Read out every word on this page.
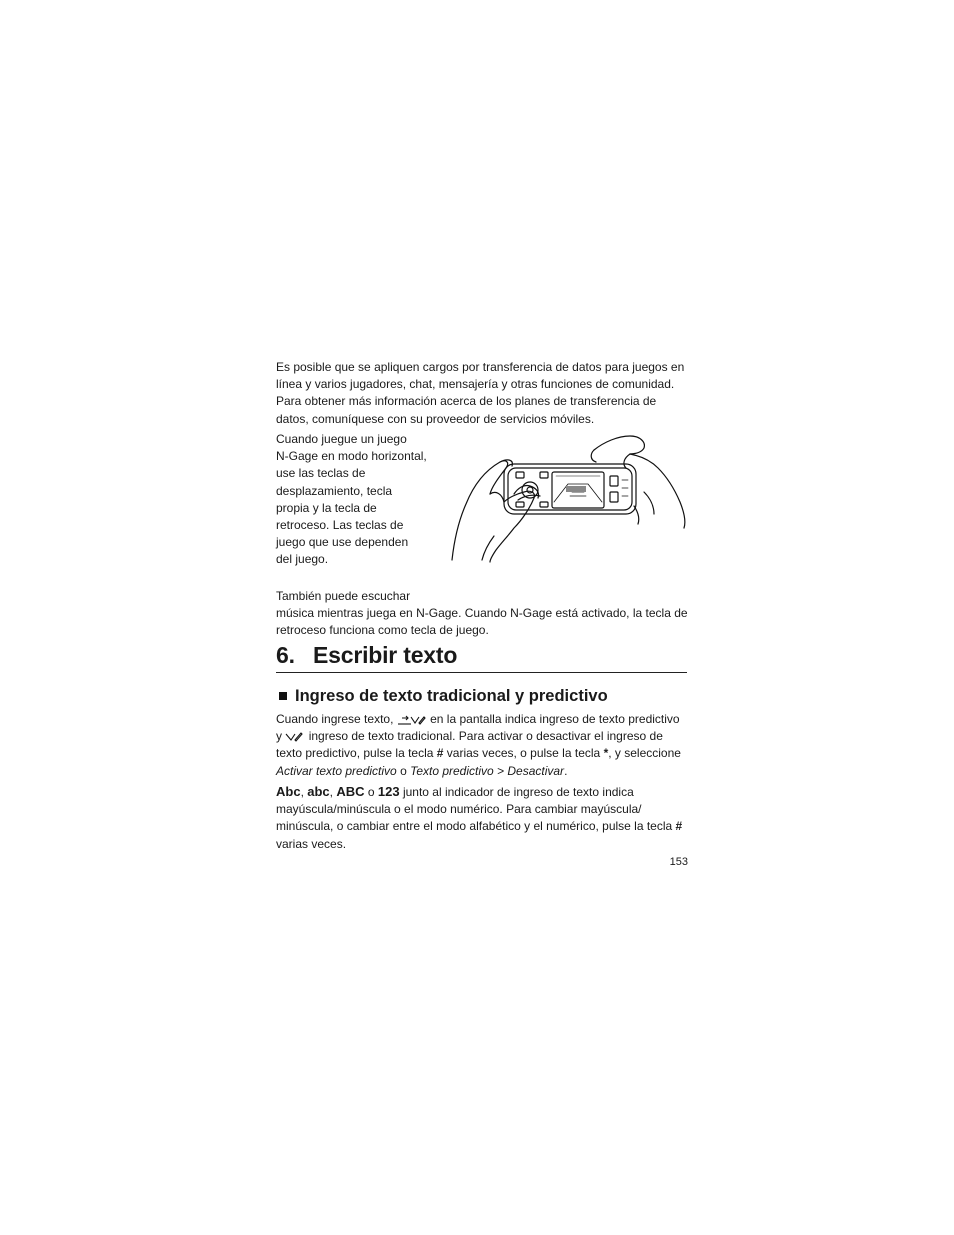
Es posible que se apliquen cargos por transferencia de datos para juegos en línea y varios jugadores, chat, mensajería y otras funciones de comunidad. Para obtener más información acerca de los planes de transferencia de datos, comuníquese con su proveedor de servicios móviles.

Cuando juegue un juego
N-Gage en modo horizontal,
use las teclas de
desplazamiento, tecla
propia y la tecla de
retroceso. Las teclas de
juego que use dependen
del juego.
También puede escuchar
música mientras juega en N-Gage. Cuando N-Gage está activado, la tecla de retroceso funciona como tecla de juego.
6. Escribir texto
Ingreso de texto tradicional y predictivo

Cuando ingrese texto,	en la pantalla indica ingreso de texto predictivo y ingreso de texto tradicional. Para activar o desactivar el ingreso de texto predictivo, pulse la tecla # varias veces, o pulse la tecla *, y seleccione Activar texto predictivo o Texto predictivo > Desactivar.

Abc, abc, ABC o 123 junto al indicador de ingreso de texto indica mayúscula/minúscula o el modo numérico. Para cambiar mayúscula/ minúscula, o cambiar entre el modo alfabético y el numérico, pulse la tecla # varias veces.

153
